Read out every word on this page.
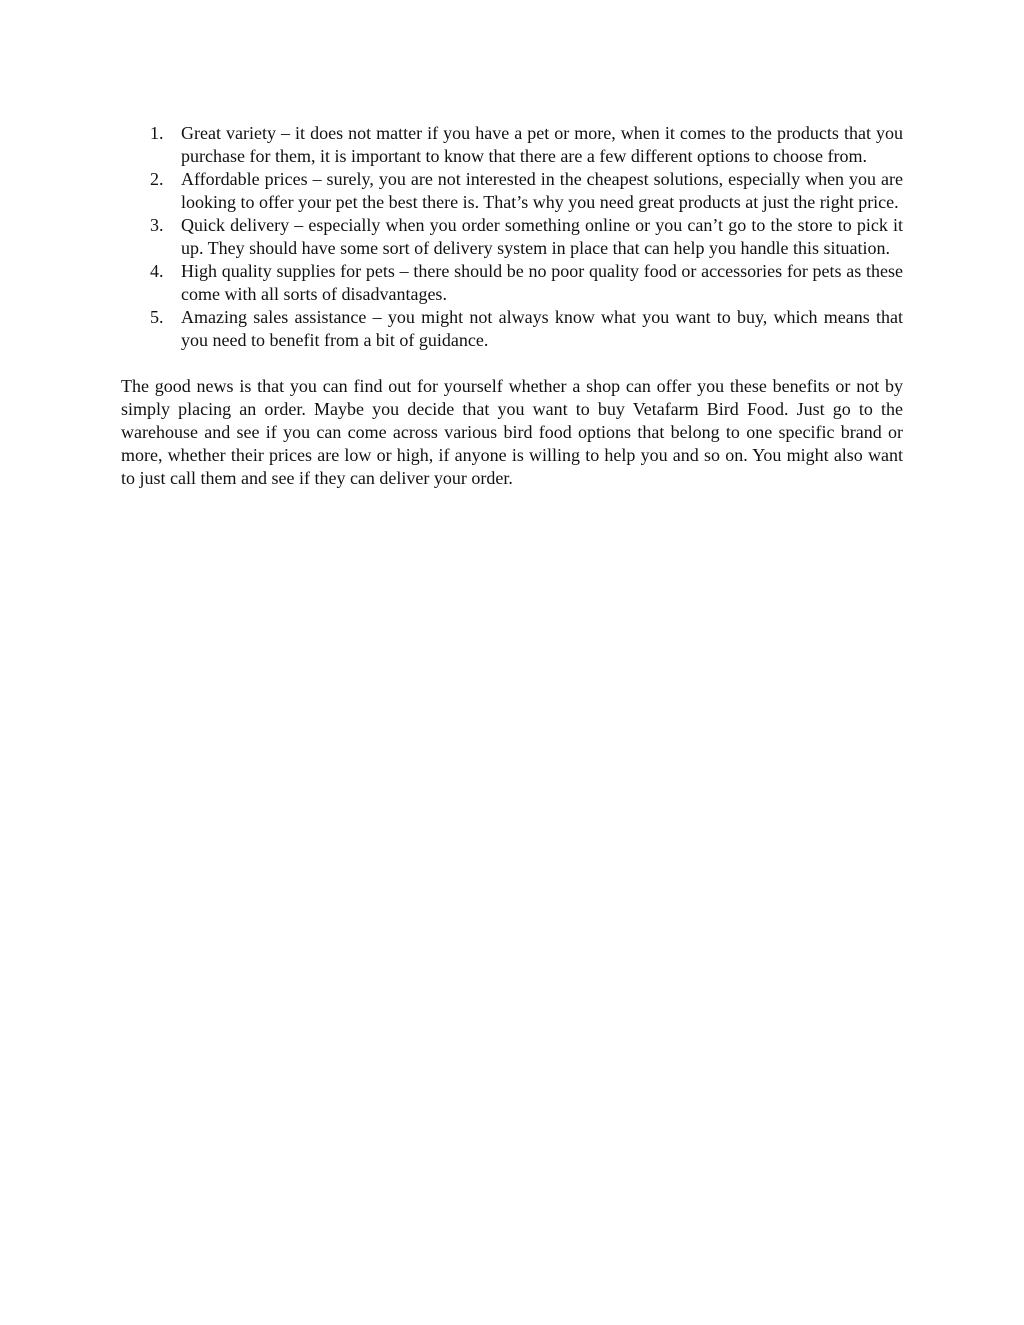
1. Great variety – it does not matter if you have a pet or more, when it comes to the products that you purchase for them, it is important to know that there are a few different options to choose from.
2. Affordable prices – surely, you are not interested in the cheapest solutions, especially when you are looking to offer your pet the best there is. That’s why you need great products at just the right price.
3. Quick delivery – especially when you order something online or you can’t go to the store to pick it up. They should have some sort of delivery system in place that can help you handle this situation.
4. High quality supplies for pets – there should be no poor quality food or accessories for pets as these come with all sorts of disadvantages.
5. Amazing sales assistance – you might not always know what you want to buy, which means that you need to benefit from a bit of guidance.

The good news is that you can find out for yourself whether a shop can offer you these benefits or not by simply placing an order. Maybe you decide that you want to buy Vetafarm Bird Food. Just go to the warehouse and see if you can come across various bird food options that belong to one specific brand or more, whether their prices are low or high, if anyone is willing to help you and so on. You might also want to just call them and see if they can deliver your order.
